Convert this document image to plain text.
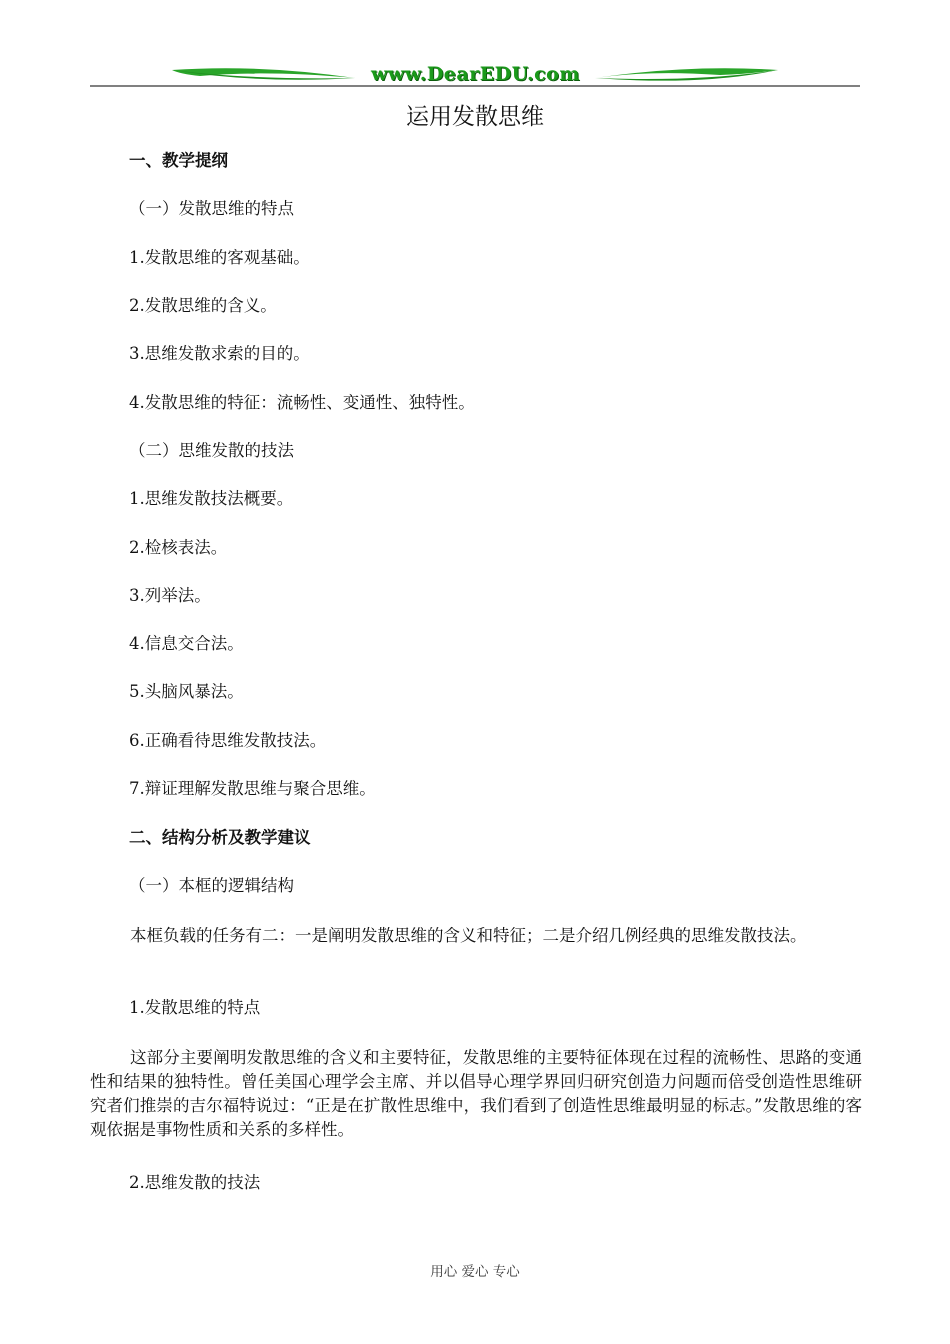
www.DearEDU.com
运用发散思维
一、教学提纲
（一）发散思维的特点
1.发散思维的客观基础。
2.发散思维的含义。
3.思维发散求索的目的。
4.发散思维的特征：流畅性、变通性、独特性。
（二）思维发散的技法
1.思维发散技法概要。
2.检核表法。
3.列举法。
4.信息交合法。
5.头脑风暴法。
6.正确看待思维发散技法。
7.辩证理解发散思维与聚合思维。
二、结构分析及教学建议
（一）本框的逻辑结构
本框负载的任务有二：一是阐明发散思维的含义和特征；二是介绍几例经典的思维发散技法。
1.发散思维的特点
这部分主要阐明发散思维的含义和主要特征，发散思维的主要特征体现在过程的流畅性、思路的变通性和结果的独特性。曾任美国心理学会主席、并以倡导心理学界回归研究创造力问题而倍受创造性思维研究者们推崇的吉尔福特说过：“正是在扩散性思维中，我们看到了创造性思维最明显的标志。”发散思维的客观依据是事物性质和关系的多样性。
2.思维发散的技法
用心 爱心 专心
